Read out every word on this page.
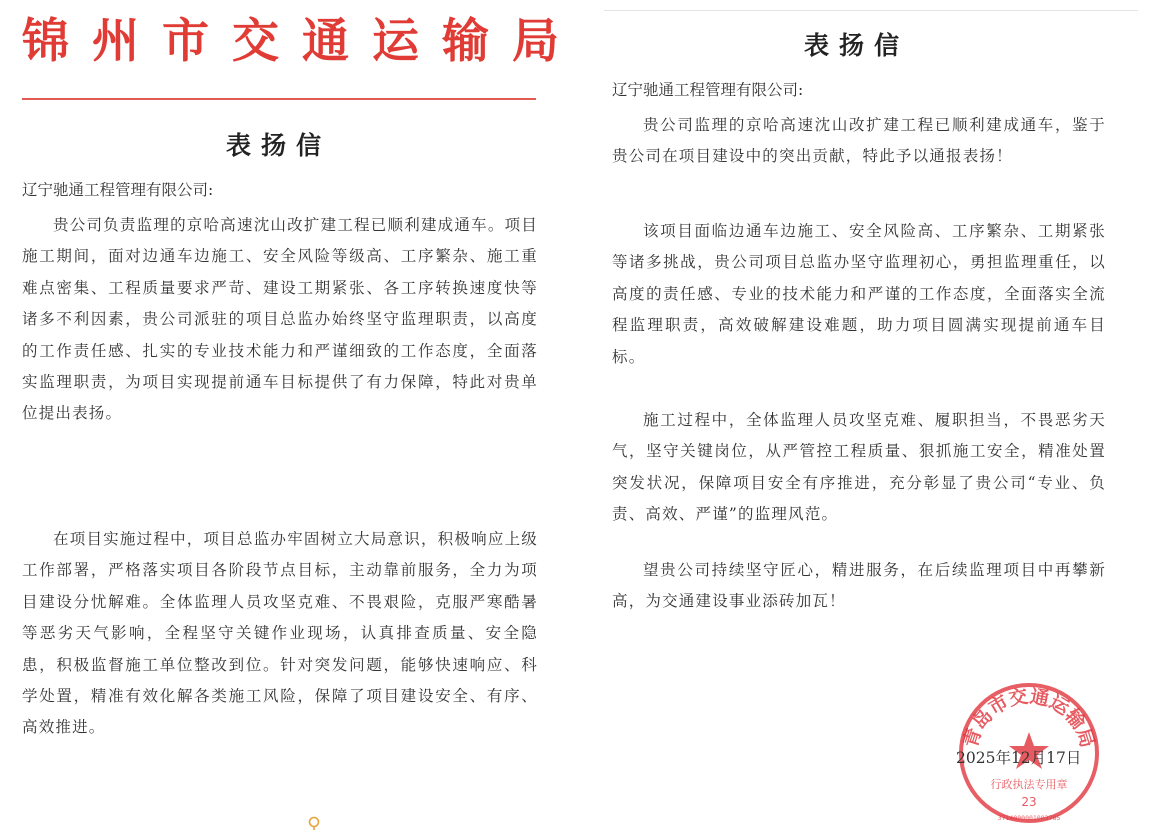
锦州市交通运输局
表扬信
辽宁驰通工程管理有限公司:

贵公司负责监理的京哈高速沈山改扩建工程已顺利建成通车。项目施工期间，面对边通车边施工、安全风险等级高、工序繁杂、施工重难点密集、工程质量要求严苛、建设工期紧张、各工序转换速度快等诸多不利因素，贵公司派驻的项目总监办始终坚守监理职责，以高度的工作责任感、扎实的专业技术能力和严谨细致的工作态度，全面落实监理职责，为项目实现提前通车目标提供了有力保障，特此对贵单位提出表扬。

在项目实施过程中，项目总监办牢固树立大局意识，积极响应上级工作部署，严格落实项目各阶段节点目标，主动靠前服务，全力为项目建设分忧解难。全体监理人员攻坚克难、不畏艰险，克服严寒酷暑等恶劣天气影响，全程坚守关键作业现场，认真排查质量、安全隐患，积极监督施工单位整改到位。针对突发问题，能够快速响应、科学处置，精准有效化解各类施工风险，保障了项目建设安全、有序、高效推进。

表扬信
辽宁驰通工程管理有限公司:

贵公司监理的京哈高速沈山改扩建工程已顺利建成通车，鉴于贵公司在项目建设中的突出贡献，特此予以通报表扬！

该项目面临边通车边施工、安全风险高、工序繁杂、工期紧张等诸多挑战，贵公司项目总监办坚守监理初心，勇担监理重任，以高度的责任感、专业的技术能力和严谨的工作态度，全面落实全流程监理职责，高效破解建设难题，助力项目圆满实现提前通车目标。

施工过程中，全体监理人员攻坚克难、履职担当，不畏恶劣天气，坚守关键岗位，从严管控工程质量、狠抓施工安全，精准处置突发状况，保障项目安全有序推进，充分彰显了贵公司“专业、负责、高效、严谨”的监理风范。

望贵公司持续坚守匠心，精进服务，在后续监理项目中再攀新高，为交通建设事业添砖加瓦！

青岛市交通运输局
行政执法专用章
23
3714000001003785
2025年12月17日
